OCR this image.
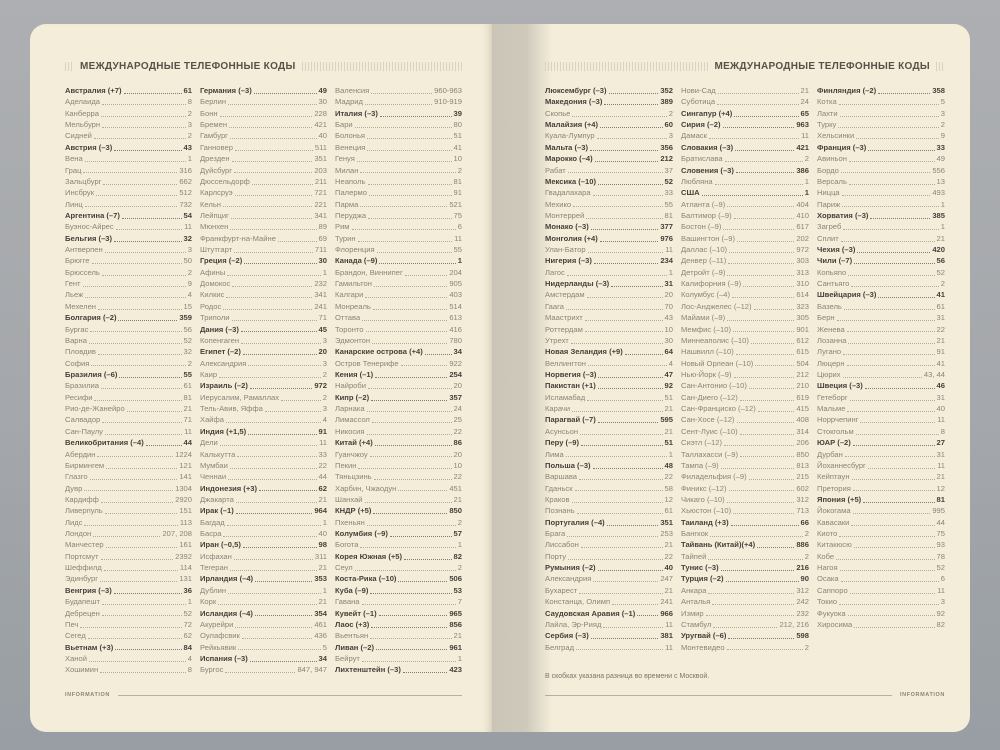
МЕЖДУНАРОДНЫЕ ТЕЛЕФОННЫЕ КОДЫ
Австралия (+7)	61
Аделаида	8
Канберра	2
Мельбурн	3
Сидней	2
Австрия (–3)	43
Вена	1
Грац	316
Зальцбург	662
Инсбрук	512
Линц	732
Аргентина (–7)	54
Буэнос-Айрес	11
Бельгия (–3)	32
Антверпен	3
Брюгге	50
Брюссель	2
Гент	9
Льеж	4
Мехелен	15
Болгария (–2)	359
Бургас	56
Варна	52
Пловдив	32
София	2
Бразилия (–6)	55
Бразилиа	61
Ресифи	81
Рио-де-Жанейро	21
Салвадор	71
Сан-Паулу	11
Великобритания (–4)	44
Абердин	1224
Бирмингем	121
Глазго	141
Дувр	1304
Кардифф	2920
Ливерпуль	151
Лидс	113
Лондон	207, 208
Манчестер	161
Портсмут	2392
Шеффилд	114
Эдинбург	131
Венгрия (–3)	36
Будапешт	1
Дебрецен	52
Печ	72
Сегед	62
Вьетнам (+3)	84
Ханой	4
Хошимин	8
Германия (–3)	49
Берлин	30
Бонн	228
Бремен	421
Гамбург	40
Ганновер	511
Дрезден	351
Дуйсбург	203
Дюссельдорф	211
Карлсруэ	721
Кельн	221
Лейпциг	341
Мюнхен	89
Франкфурт-на-Майне	69
Штутгарт	711
Греция (–2)	30
Афины	1
Домокос	232
Килкис	341
Родос	241
Триполи	71
Дания (–3)	45
Копенгаген	3
Египет (–2)	20
Александрия	3
Каир	2
Израиль (–2)	972
Иерусалим, Рамаллах	2
Тель-Авив, Яффа	3
Хайфа	4
Индия (+1,5)	91
Дели	11
Калькутта	33
Мумбаи	22
Ченнаи	44
Индонезия (+3)	62
Джакарта	21
Ирак (–1)	964
Багдад	1
Басра	40
Иран (–0,5)	98
Исфахан	311
Тегеран	21
Ирландия (–4)	353
Дублин	1
Корк	21
Исландия (–4)	354
Акурейри	461
Оулафсвик	436
Рейкьявик	5
Испания (–3)	34
Бургос	847, 947
Валенсия	960-963
Мадрид	910-919
Италия (–3)	39
Бари	80
Болонья	51
Венеция	41
Генуя	10
Милан	2
Неаполь	81
Палермо	91
Парма	521
Перуджа	75
Рим	6
Турин	11
Флоренция	55
Канада (–9)	1
Брандон, Виннипег	204
Гамильтон	905
Калгари	403
Монреаль	514
Оттава	613
Торонто	416
Эдмонтон	780
Канарские острова (+4)	34
Остров Тенерифе	922
Кения (–1)	254
Найроби	20
Кипр (–2)	357
Ларнака	24
Лимассол	25
Никосия	22
Китай (+4)	86
Гуанчжоу	20
Пекин	10
Тяньцзинь	22
Харбин, Чжаодун	451
Шанхай	21
КНДР (+5)	850
Пхеньян	2
Колумбия (–9)	57
Богота	1
Корея Южная (+5)	82
Сеул	2
Коста-Рика (–10)	506
Куба (–9)	53
Гавана	7
Кувейт (–1)	965
Лаос (+3)	856
Вьентьян	21
Ливан (–2)	961
Бейрут	1
Лихтенштейн (–3)	423
INFORMATION
МЕЖДУНАРОДНЫЕ ТЕЛЕФОННЫЕ КОДЫ
Люксембург (–3)	352
Македония (–3)	389
Скопье	2
Малайзия (+4)	60
Куала-Лумпур	3
Мальта (–3)	356
Марокко (–4)	212
Рабат	37
Мексика (–10)	52
Гвадалахара	33
Мехико	55
Монтеррей	81
Монако (–3)	377
Монголия (+4)	976
Улан-Батор	11
Нигерия (–3)	234
Лагос	1
Нидерланды (–3)	31
Амстердам	20
Гаага	70
Маастрихт	43
Роттердам	10
Утрехт	30
Новая Зеландия (+9)	64
Веллингтон	4
Норвегия (–3)	47
Пакистан (+1)	92
Исламабад	51
Карачи	21
Парагвай (–7)	595
Асунсьон	21
Перу (–9)	51
Лима	1
Польша (–3)	48
Варшава	22
Гданьск	58
Краков	12
Познань	61
Португалия (–4)	351
Брага	253
Лиссабон	21
Порту	22
Румыния (–2)	40
Александрия	247
Бухарест	21
Констанца, Олимп	241
Саудовская Аравия (–1)	966
Лайла, Эр-Рияд	11
Сербия (–3)	381
Белград	11
Нови-Сад	21
Суботица	24
Сингапур (+4)	65
Сирия (–2)	963
Дамаск	11
Словакия (–3)	421
Братислава	2
Словения (–3)	386
Любляна	1
США	1
Атланта (–9)	404
Балтимор (–9)	410
Бостон (–9)	617
Вашингтон (–9)	202
Даллас (–10)	972
Денвер (–11)	303
Детройт (–9)	313
Калифорния (–9)	310
Колумбус (–4)	614
Лос-Анджелес (–12)	323
Майами (–9)	305
Мемфис (–10)	901
Миннеаполис (–10)	612
Нашвилл (–10)	615
Новый Орлеан (–10)	504
Нью-Йорк (–9)	212
Сан-Антонио (–10)	210
Сан-Диего (–12)	619
Сан-Франциско (–12)	415
Сан-Хосе (–12)	408
Сент-Луис (–10)	314
Сиэтл (–12)	206
Таллахасси (–9)	850
Тампа (–9)	813
Филадельфия (–9)	215
Финикс (–12)	602
Чикаго (–10)	312
Хьюстон (–10)	713
Таиланд (+3)	66
Бангкок	2
Тайвань (Китай)(+4)	886
Тайпей	2
Тунис (–3)	216
Турция (–2)	90
Анкара	312
Анталья	242
Измир	232
Стамбул	212, 216
Уругвай (–6)	598
Монтевидео	2
Финляндия (–2)	358
Котка	5
Лахти	3
Турку	2
Хельсинки	9
Франция (–3)	33
Авиньон	49
Бордо	556
Версаль	13
Ницца	493
Париж	1
Хорватия (–3)	385
Загреб	1
Сплит	21
Чехия (–3)	420
Чили (–7)	56
Копьяпо	52
Сантьяго	2
Швейцария (–3)	41
Базель	61
Берн	31
Женева	22
Лозанна	21
Лугано	91
Люцерн	41
Цюрих	43, 44
Швеция (–3)	46
Гетеборг	31
Мальме	40
Норрчепинг	11
Стокгольм	8
ЮАР (–2)	27
Дурбан	31
Йоханнесбург	11
Кейптаун	21
Претория	12
Япония (+5)	81
Йокогама	995
Кавасаки	44
Киото	75
Китакюсю	93
Кобе	78
Нагоя	52
Осака	6
Саппоро	11
Токио	3
Фукуока	92
Хиросима	82
В скобках указана разница во времени с Москвой.
INFORMATION
